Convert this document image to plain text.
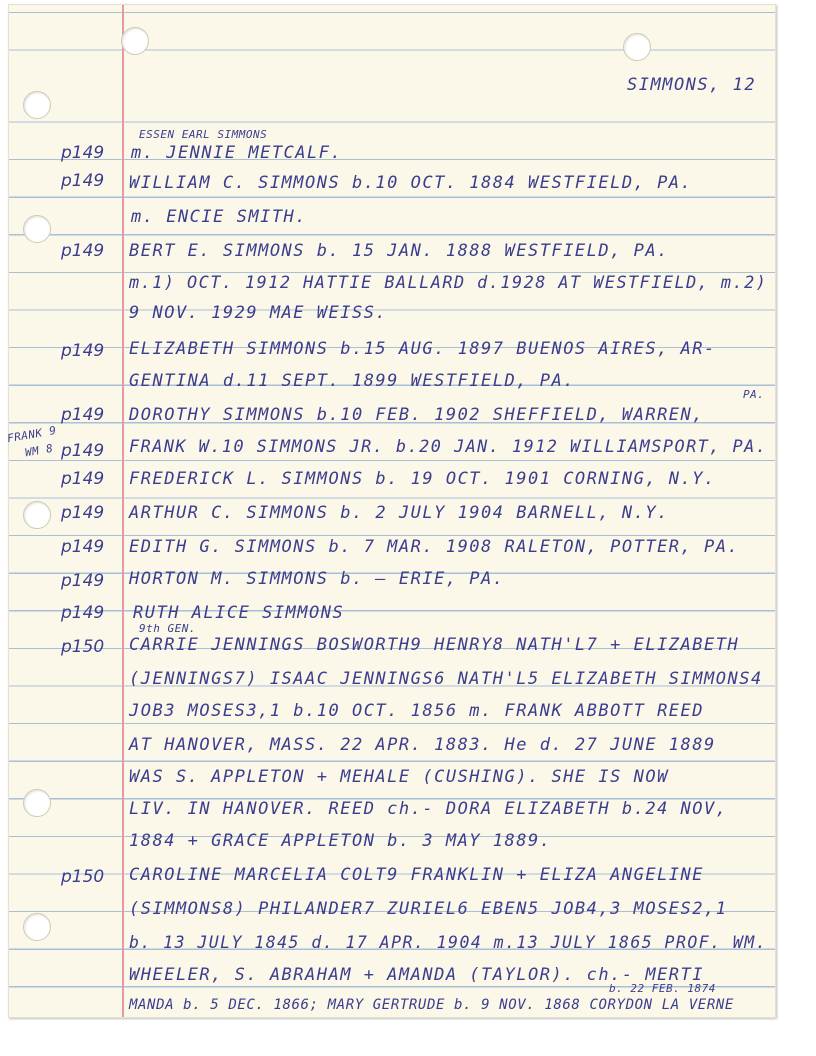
SIMMONS, 12

p149

p149

p149

p149

p149

p149

p149

p149

p149

p149

p149

p150

p150

FRANK 9

WM 8

ESSEN EARL SIMMONS

m. JENNIE METCALF.

WILLIAM C. SIMMONS b.10 OCT. 1884 WESTFIELD, PA.

m. ENCIE SMITH.

BERT E. SIMMONS b. 15 JAN. 1888 WESTFIELD, PA.

m.1) OCT. 1912 HATTIE BALLARD d.1928 AT WESTFIELD, m.2)

9 NOV. 1929 MAE WEISS.

ELIZABETH SIMMONS b.15 AUG. 1897 BUENOS AIRES, AR-

GENTINA d.11 SEPT. 1899 WESTFIELD, PA.

PA.

DOROTHY SIMMONS b.10 FEB. 1902 SHEFFIELD, WARREN,

FRANK W.10 SIMMONS JR. b.20 JAN. 1912 WILLIAMSPORT, PA.

FREDERICK L. SIMMONS b. 19 OCT. 1901 CORNING, N.Y.

ARTHUR C. SIMMONS b. 2 JULY 1904 BARNELL, N.Y.

EDITH G. SIMMONS b. 7 MAR. 1908 RALETON, POTTER, PA.

HORTON M. SIMMONS b. — ERIE, PA.

RUTH ALICE SIMMONS

9th GEN.

CARRIE JENNINGS BOSWORTH9 HENRY8 NATH'L7 + ELIZABETH

(JENNINGS7) ISAAC JENNINGS6 NATH'L5 ELIZABETH SIMMONS4

JOB3 MOSES3,1 b.10 OCT. 1856 m. FRANK ABBOTT REED

AT HANOVER, MASS. 22 APR. 1883. He d. 27 JUNE 1889

WAS S. APPLETON + MEHALE (CUSHING). SHE IS NOW

LIV. IN HANOVER. REED ch.- DORA ELIZABETH b.24 NOV,

1884 + GRACE APPLETON b. 3 MAY 1889.

CAROLINE MARCELIA COLT9 FRANKLIN + ELIZA ANGELINE

(SIMMONS8) PHILANDER7 ZURIEL6 EBEN5 JOB4,3 MOSES2,1

b. 13 JULY 1845 d. 17 APR. 1904 m.13 JULY 1865 PROF. WM.

WHEELER, S. ABRAHAM + AMANDA (TAYLOR). ch.- MERTI

b. 22 FEB. 1874

MANDA b. 5 DEC. 1866; MARY GERTRUDE b. 9 NOV. 1868 CORYDON LA VERNE
